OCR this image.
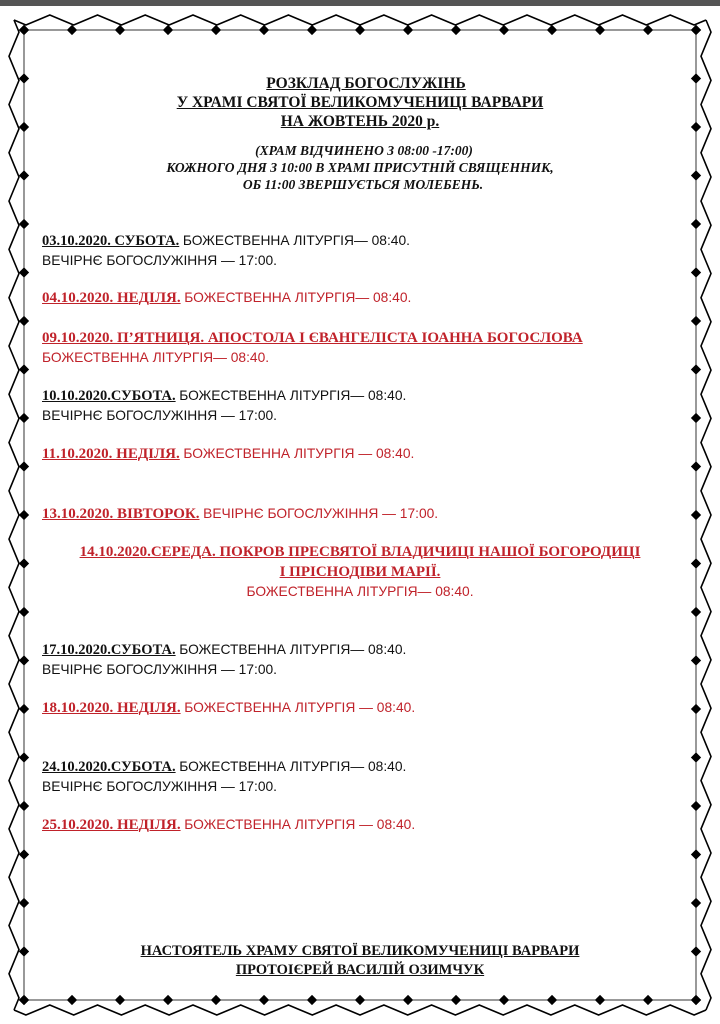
РОЗКЛАД БОГОСЛУЖІНЬ
У ХРАМІ СВЯТОЇ ВЕЛИКОМУЧЕНИЦІ ВАРВАРИ
НА ЖОВТЕНЬ 2020 р.
(ХРАМ ВІДЧИНЕНО З 08:00 -17:00)
КОЖНОГО ДНЯ З 10:00 В ХРАМІ ПРИСУТНІЙ СВЯЩЕННИК,
ОБ 11:00 ЗВЕРШУЄТЬСЯ МОЛЕБЕНЬ.
03.10.2020. СУБОТА. БОЖЕСТВЕННА ЛІТУРГІЯ— 08:40.
ВЕЧІРНЄ БОГОСЛУЖІННЯ — 17:00.
04.10.2020. НЕДІЛЯ. БОЖЕСТВЕННА ЛІТУРГІЯ— 08:40.
09.10.2020. П’ЯТНИЦЯ. АПОСТОЛА І ЄВАНГЕЛІСТА ІОАННА БОГОСЛОВА
БОЖЕСТВЕННА ЛІТУРГІЯ— 08:40.
10.10.2020.СУБОТА. БОЖЕСТВЕННА ЛІТУРГІЯ— 08:40.
ВЕЧІРНЄ БОГОСЛУЖІННЯ — 17:00.
11.10.2020. НЕДІЛЯ. БОЖЕСТВЕННА ЛІТУРГІЯ — 08:40.
13.10.2020. ВІВТОРОК. ВЕЧІРНЄ БОГОСЛУЖІННЯ — 17:00.
14.10.2020.СЕРЕДА. ПОКРОВ ПРЕСВЯТОЇ ВЛАДИЧИЦІ НАШОЇ БОГОРОДИЦІ
І ПРІСНОДІВИ МАРІЇ.
БОЖЕСТВЕННА ЛІТУРГІЯ— 08:40.
17.10.2020.СУБОТА. БОЖЕСТВЕННА ЛІТУРГІЯ— 08:40.
ВЕЧІРНЄ БОГОСЛУЖІННЯ — 17:00.
18.10.2020. НЕДІЛЯ. БОЖЕСТВЕННА ЛІТУРГІЯ — 08:40.
24.10.2020.СУБОТА. БОЖЕСТВЕННА ЛІТУРГІЯ— 08:40.
ВЕЧІРНЄ БОГОСЛУЖІННЯ — 17:00.
25.10.2020. НЕДІЛЯ. БОЖЕСТВЕННА ЛІТУРГІЯ — 08:40.
НАСТОЯТЕЛЬ ХРАМУ СВЯТОЇ ВЕЛИКОМУЧЕНИЦІ ВАРВАРИ
ПРОТОІЄРЕЙ ВАСИЛІЙ ОЗИМЧУК
